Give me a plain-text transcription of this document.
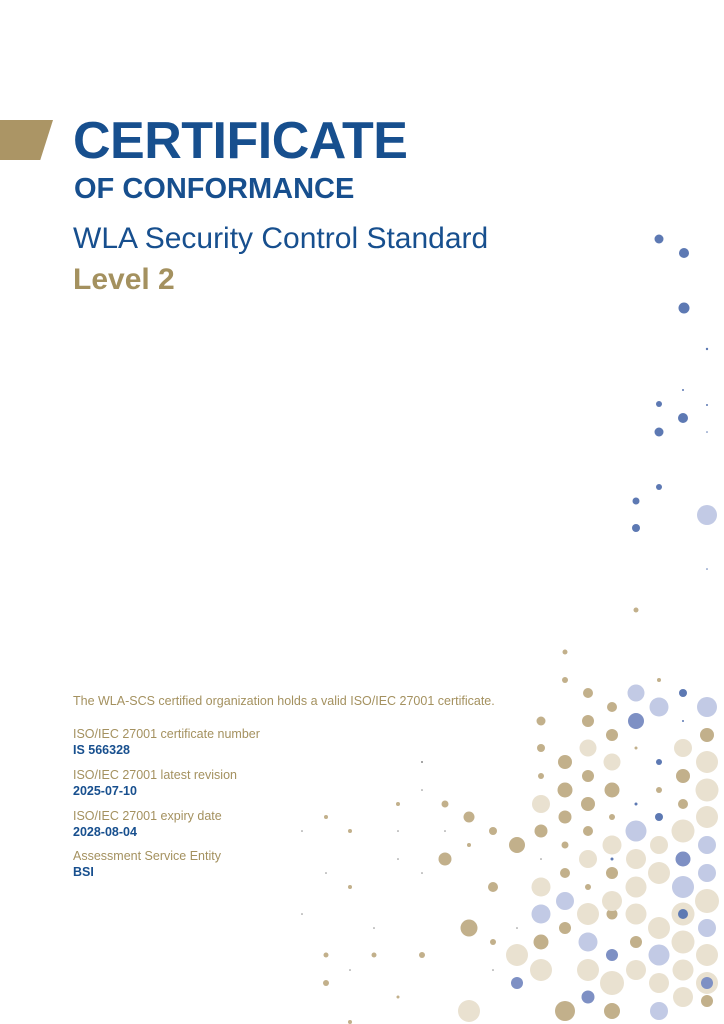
CERTIFICATE
OF CONFORMANCE
WLA Security Control Standard
Level 2

The WLA-SCS certified organization holds a valid ISO/IEC 27001 certificate.

ISO/IEC 27001 certificate number
IS 566328
ISO/IEC 27001 latest revision
2025-07-10
ISO/IEC 27001 expiry date
2028-08-04
Assessment Service Entity
BSI
